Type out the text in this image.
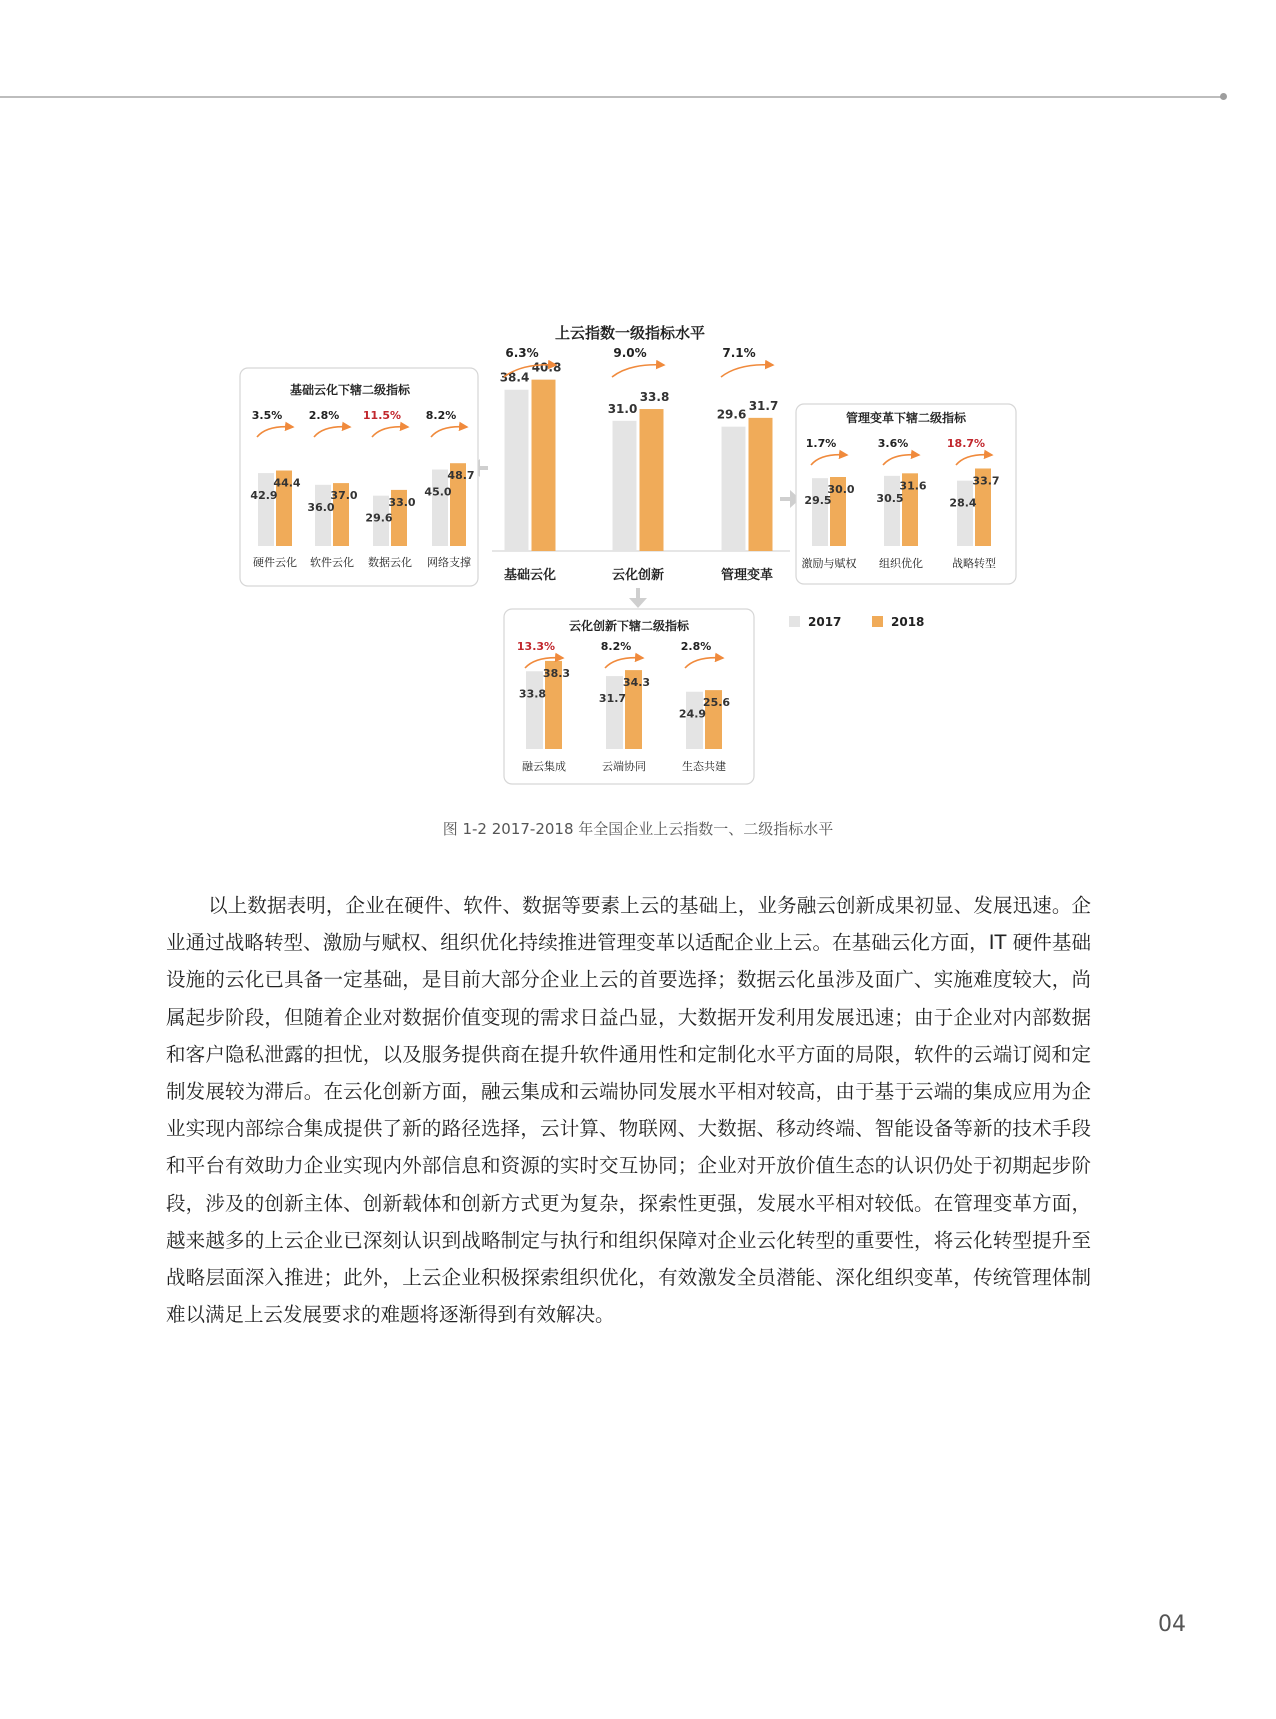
上云指数一级指标水平
38.4
40.8
6.3%
基础云化
31.0
33.8
9.0%
云化创新
29.6
31.7
7.1%
管理变革
基础云化下辖二级指标
42.9
44.4
3.5%
硬件云化
36.0
37.0
2.8%
软件云化
29.6
33.0
11.5%
数据云化
45.0
48.7
8.2%
网络支撑
管理变革下辖二级指标
29.5
30.0
1.7%
激励与赋权
30.5
31.6
3.6%
组织优化
28.4
33.7
18.7%
战略转型
云化创新下辖二级指标
33.8
38.3
13.3%
融云集成
31.7
34.3
8.2%
云端协同
24.9
25.6
2.8%
生态共建
2017	2018
图 1-2 2017-2018 年全国企业上云指数一、二级指标水平

以上数据表明，企业在硬件、软件、数据等要素上云的基础上，业务融云创新成果初显、发展迅速。企业通过战略转型、激励与赋权、组织优化持续推进管理变革以适配企业上云。在基础云化方面，IT 硬件基础设施的云化已具备一定基础，是目前大部分企业上云的首要选择；数据云化虽涉及面广、实施难度较大，尚属起步阶段，但随着企业对数据价值变现的需求日益凸显，大数据开发利用发展迅速；由于企业对内部数据和客户隐私泄露的担忧，以及服务提供商在提升软件通用性和定制化水平方面的局限，软件的云端订阅和定制发展较为滞后。在云化创新方面，融云集成和云端协同发展水平相对较高，由于基于云端的集成应用为企业实现内部综合集成提供了新的路径选择，云计算、物联网、大数据、移动终端、智能设备等新的技术手段和平台有效助力企业实现内外部信息和资源的实时交互协同；企业对开放价值生态的认识仍处于初期起步阶段，涉及的创新主体、创新载体和创新方式更为复杂，探索性更强，发展水平相对较低。在管理变革方面，越来越多的上云企业已深刻认识到战略制定与执行和组织保障对企业云化转型的重要性，将云化转型提升至战略层面深入推进；此外，上云企业积极探索组织优化，有效激发全员潜能、深化组织变革，传统管理体制难以满足上云发展要求的难题将逐渐得到有效解决。

04
